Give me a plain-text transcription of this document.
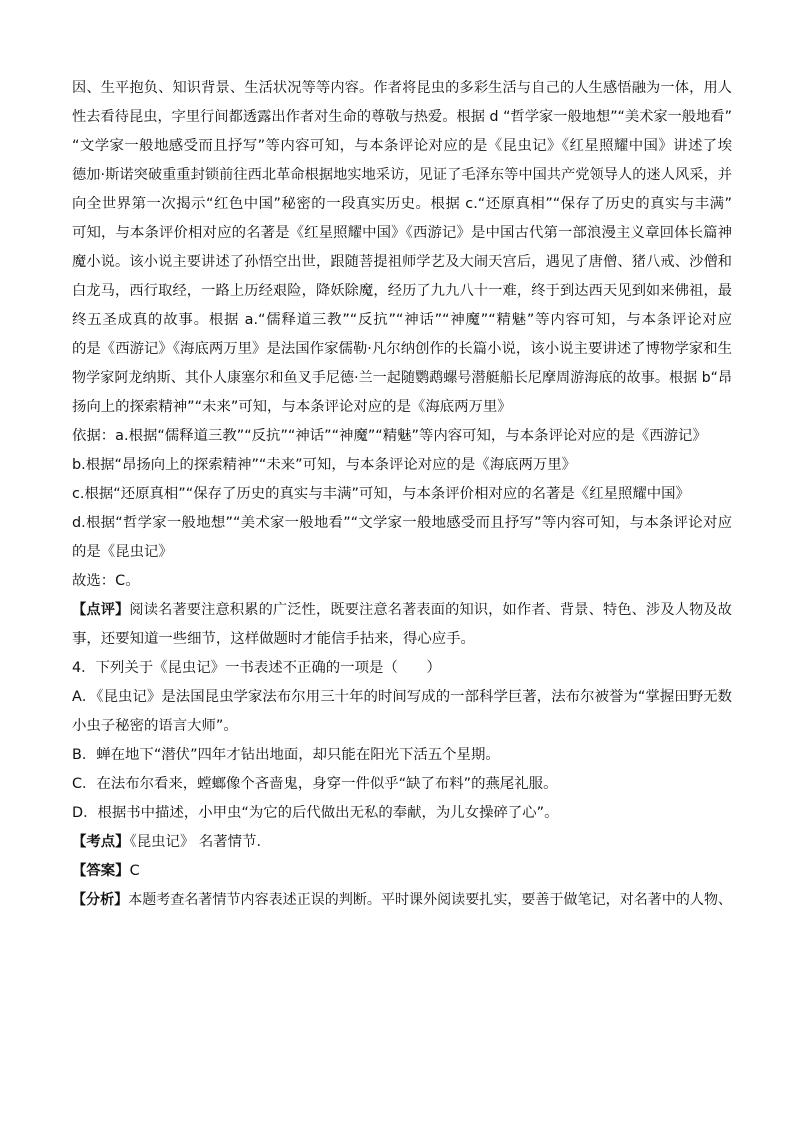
因、生平抱负、知识背景、生活状况等等内容。作者将昆虫的多彩生活与自己的人生感悟融为一体，用人
性去看待昆虫，字里行间都透露出作者对生命的尊敬与热爱。根据 d “哲学家一般地想”“美术家一般地看”
“文学家一般地感受而且抒写”等内容可知，与本条评论对应的是《昆虫记》《红星照耀中国》讲述了埃
德加·斯诺突破重重封锁前往西北革命根据地实地采访，见证了毛泽东等中国共产党领导人的迷人风采，并
向全世界第一次揭示“红色中国”秘密的一段真实历史。根据 c.“还原真相”“保存了历史的真实与丰满”
可知，与本条评价相对应的名著是《红星照耀中国》《西游记》是中国古代第一部浪漫主义章回体长篇神
魔小说。该小说主要讲述了孙悟空出世，跟随菩提祖师学艺及大闹天宫后，遇见了唐僧、猪八戒、沙僧和
白龙马，西行取经，一路上历经艰险，降妖除魔，经历了九九八十一难，终于到达西天见到如来佛祖，最
终五圣成真的故事。根据 a.“儒释道三教”“反抗”“神话”“神魔”“精魅”等内容可知，与本条评论对应
的是《西游记》《海底两万里》是法国作家儒勒·凡尔纳创作的长篇小说，该小说主要讲述了博物学家和生
物学家阿龙纳斯、其仆人康塞尔和鱼叉手尼德·兰一起随鹦鹉螺号潜艇船长尼摩周游海底的故事。根据 b“昂
扬向上的探索精神”“未来”可知，与本条评论对应的是《海底两万里》
依据：a.根据“儒释道三教”“反抗”“神话”“神魔”“精魅”等内容可知，与本条评论对应的是《西游记》
b.根据“昂扬向上的探索精神”“未来”可知，与本条评论对应的是《海底两万里》
c.根据“还原真相”“保存了历史的真实与丰满”可知，与本条评价相对应的名著是《红星照耀中国》
d.根据“哲学家一般地想”“美术家一般地看”“文学家一般地感受而且抒写”等内容可知，与本条评论对应
的是《昆虫记》
故选：C。
【点评】阅读名著要注意积累的广泛性，既要注意名著表面的知识，如作者、背景、特色、涉及人物及故
事，还要知道一些细节，这样做题时才能信手拈来，得心应手。
4．下列关于《昆虫记》一书表述不正确的一项是（　　）
A．《昆虫记》是法国昆虫学家法布尔用三十年的时间写成的一部科学巨著，法布尔被誉为“掌握田野无数
小虫子秘密的语言大师”。
B．蝉在地下“潜伏”四年才钻出地面，却只能在阳光下活五个星期。
C．在法布尔看来，螳螂像个吝啬鬼，身穿一件似乎“缺了布料”的燕尾礼服。
D．根据书中描述，小甲虫“为它的后代做出无私的奉献，为儿女操碎了心”。
【考点】《昆虫记》 名著情节．
【答案】C
【分析】本题考查名著情节内容表述正误的判断。平时课外阅读要扎实，要善于做笔记，对名著中的人物、
